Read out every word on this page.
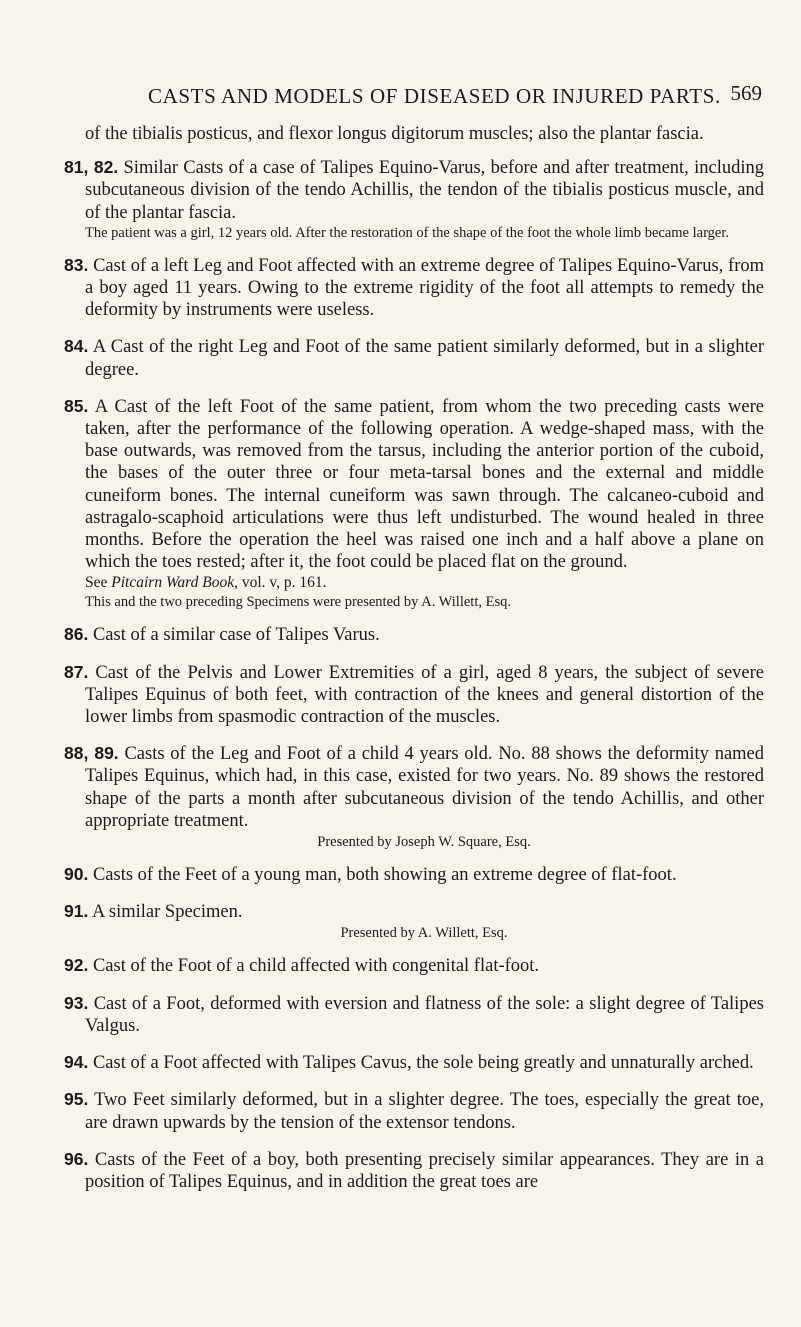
CASTS AND MODELS OF DISEASED OR INJURED PARTS. 569

of the tibialis posticus, and flexor longus digitorum muscles; also the plantar fascia.

81, 82. Similar Casts of a case of Talipes Equino-Varus, before and after treatment, including subcutaneous division of the tendo Achillis, the tendon of the tibialis posticus muscle, and of the plantar fascia.

The patient was a girl, 12 years old. After the restoration of the shape of the foot the whole limb became larger.

83. Cast of a left Leg and Foot affected with an extreme degree of Talipes Equino-Varus, from a boy aged 11 years. Owing to the extreme rigidity of the foot all attempts to remedy the deformity by instruments were useless.

84. A Cast of the right Leg and Foot of the same patient similarly deformed, but in a slighter degree.

85. A Cast of the left Foot of the same patient, from whom the two preceding casts were taken, after the performance of the following operation. A wedge-shaped mass, with the base outwards, was removed from the tarsus, including the anterior portion of the cuboid, the bases of the outer three or four meta-tarsal bones and the external and middle cuneiform bones. The internal cuneiform was sawn through. The calcaneo-cuboid and astragalo-scaphoid articulations were thus left undisturbed. The wound healed in three months. Before the operation the heel was raised one inch and a half above a plane on which the toes rested; after it, the foot could be placed flat on the ground.

See Pitcairn Ward Book, vol. v, p. 161.

This and the two preceding Specimens were presented by A. Willett, Esq.

86. Cast of a similar case of Talipes Varus.

87. Cast of the Pelvis and Lower Extremities of a girl, aged 8 years, the subject of severe Talipes Equinus of both feet, with contraction of the knees and general distortion of the lower limbs from spasmodic contraction of the muscles.

88, 89. Casts of the Leg and Foot of a child 4 years old. No. 88 shows the deformity named Talipes Equinus, which had, in this case, existed for two years. No. 89 shows the restored shape of the parts a month after subcutaneous division of the tendo Achillis, and other appropriate treatment.

Presented by Joseph W. Square, Esq.

90. Casts of the Feet of a young man, both showing an extreme degree of flat-foot.

91. A similar Specimen.

Presented by A. Willett, Esq.

92. Cast of the Foot of a child affected with congenital flat-foot.

93. Cast of a Foot, deformed with eversion and flatness of the sole: a slight degree of Talipes Valgus.

94. Cast of a Foot affected with Talipes Cavus, the sole being greatly and unnaturally arched.

95. Two Feet similarly deformed, but in a slighter degree. The toes, especially the great toe, are drawn upwards by the tension of the extensor tendons.

96. Casts of the Feet of a boy, both presenting precisely similar appearances. They are in a position of Talipes Equinus, and in addition the great toes are
